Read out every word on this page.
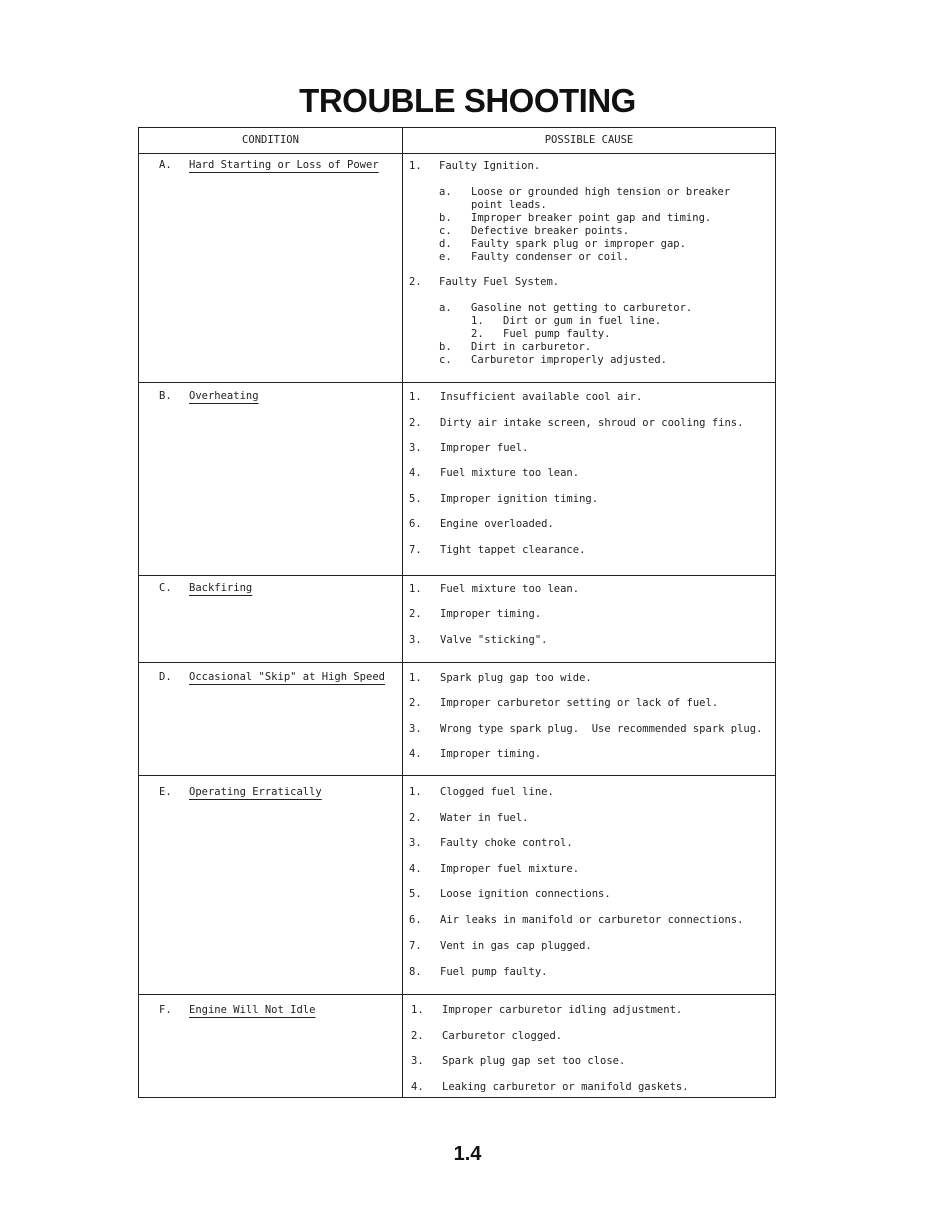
TROUBLE SHOOTING
CONDITION	POSSIBLE CAUSE
A. Hard Starting or Loss of Power	1. Faulty Ignition.
a. Loose or grounded high tension or breaker
point leads.
b. Improper breaker point gap and timing.
c. Defective breaker points.
d. Faulty spark plug or improper gap.
e. Faulty condenser or coil.
2. Faulty Fuel System.
a. Gasoline not getting to carburetor.
1. Dirt or gum in fuel line.
2. Fuel pump faulty.
b. Dirt in carburetor.
c. Carburetor improperly adjusted.
B. Overheating	1. Insufficient available cool air.
2. Dirty air intake screen, shroud or cooling fins.
3. Improper fuel.
4. Fuel mixture too lean.
5. Improper ignition timing.
6. Engine overloaded.
7. Tight tappet clearance.
C. Backfiring	1. Fuel mixture too lean.
2. Improper timing.
3. Valve "sticking".
D. Occasional "Skip" at High Speed 1. Spark plug gap too wide.
2. Improper carburetor setting or lack of fuel.
3. Wrong type spark plug.  Use recommended spark plug.
4. Improper timing.
E. Operating Erratically	1. Clogged fuel line.
2. Water in fuel.
3. Faulty choke control.
4. Improper fuel mixture.
5. Loose ignition connections.
6. Air leaks in manifold or carburetor connections.
7. Vent in gas cap plugged.
8. Fuel pump faulty.
F. Engine Will Not Idle	1. Improper carburetor idling adjustment.
2. Carburetor clogged.
3. Spark plug gap set too close.
4. Leaking carburetor or manifold gaskets.
1.4
